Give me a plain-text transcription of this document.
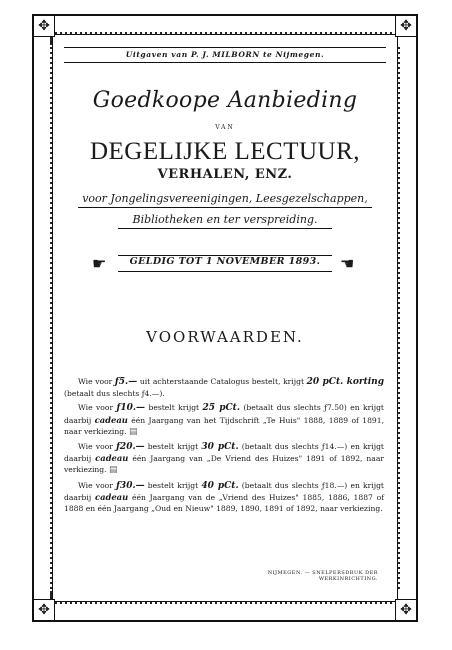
✥	✥
✥	✥
Uitgaven van P. J. MILBORN te Nijmegen.
Goedkoope Aanbieding
VAN
DEGELIJKE LECTUUR,
VERHALEN, ENZ.
voor Jongelingsvereenigingen, Leesgezelschappen,
Bibliotheken en ter verspreiding.
☛	GELDIG TOT 1 NOVEMBER 1893.	☚
VOORWAARDEN.

Wie voor ƒ5.— uit achterstaande Catalogus bestelt, krijgt 20 pCt. korting (betaalt dus slechts ƒ4.—).

Wie voor ƒ10.— bestelt krijgt 25 pCt. (betaalt dus slechts ƒ7.50) en krijgt daarbij cadeau één Jaargang van het Tijdschrift „Te Huis" 1888, 1889 of 1891, naar verkiezing. ▤

Wie voor ƒ20.— bestelt krijgt 30 pCt. (betaalt dus slechts ƒ14.—) en krijgt daarbij cadeau één Jaargang van „De Vriend des Huizes" 1891 of 1892, naar verkiezing. ▤

Wie voor ƒ30.— bestelt krijgt 40 pCt. (betaalt dus slechts ƒ18.—) en krijgt daarbij cadeau één Jaargang van de „Vriend des Huizes" 1885, 1886, 1887 of 1888 en één Jaargang „Oud en Nieuw" 1889, 1890, 1891 of 1892, naar verkiezing.

NIJMEGEN. — SNELPERSDRUK DER WERKINRICHTING.
